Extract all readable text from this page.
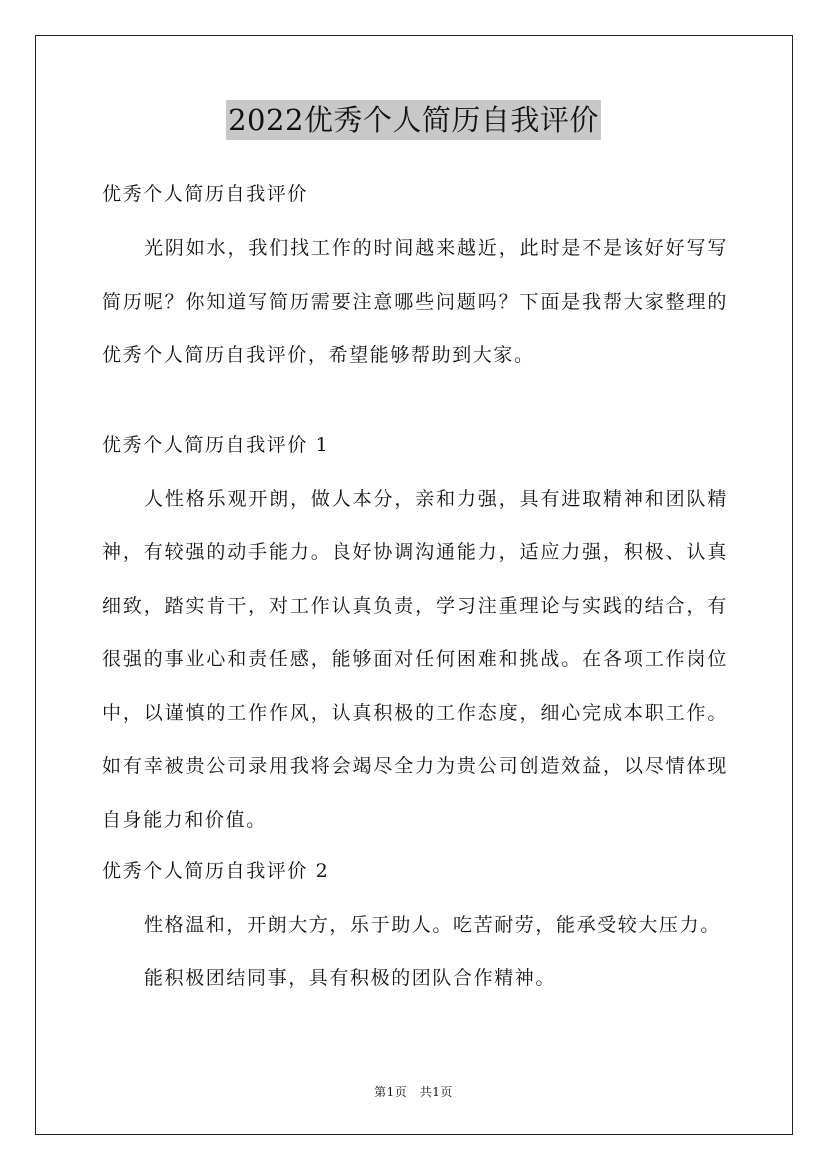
2022优秀个人简历自我评价

优秀个人简历自我评价

光阴如水，我们找工作的时间越来越近，此时是不是该好好写写简历呢？你知道写简历需要注意哪些问题吗？下面是我帮大家整理的优秀个人简历自我评价，希望能够帮助到大家。

优秀个人简历自我评价 1

人性格乐观开朗，做人本分，亲和力强，具有进取精神和团队精神，有较强的动手能力。良好协调沟通能力，适应力强，积极、认真细致，踏实肯干，对工作认真负责，学习注重理论与实践的结合，有很强的事业心和责任感，能够面对任何困难和挑战。在各项工作岗位中，以谨慎的工作作风，认真积极的工作态度，细心完成本职工作。如有幸被贵公司录用我将会竭尽全力为贵公司创造效益，以尽情体现自身能力和价值。

优秀个人简历自我评价 2

性格温和，开朗大方，乐于助人。吃苦耐劳，能承受较大压力。

能积极团结同事，具有积极的团队合作精神。

第1页　共1页
